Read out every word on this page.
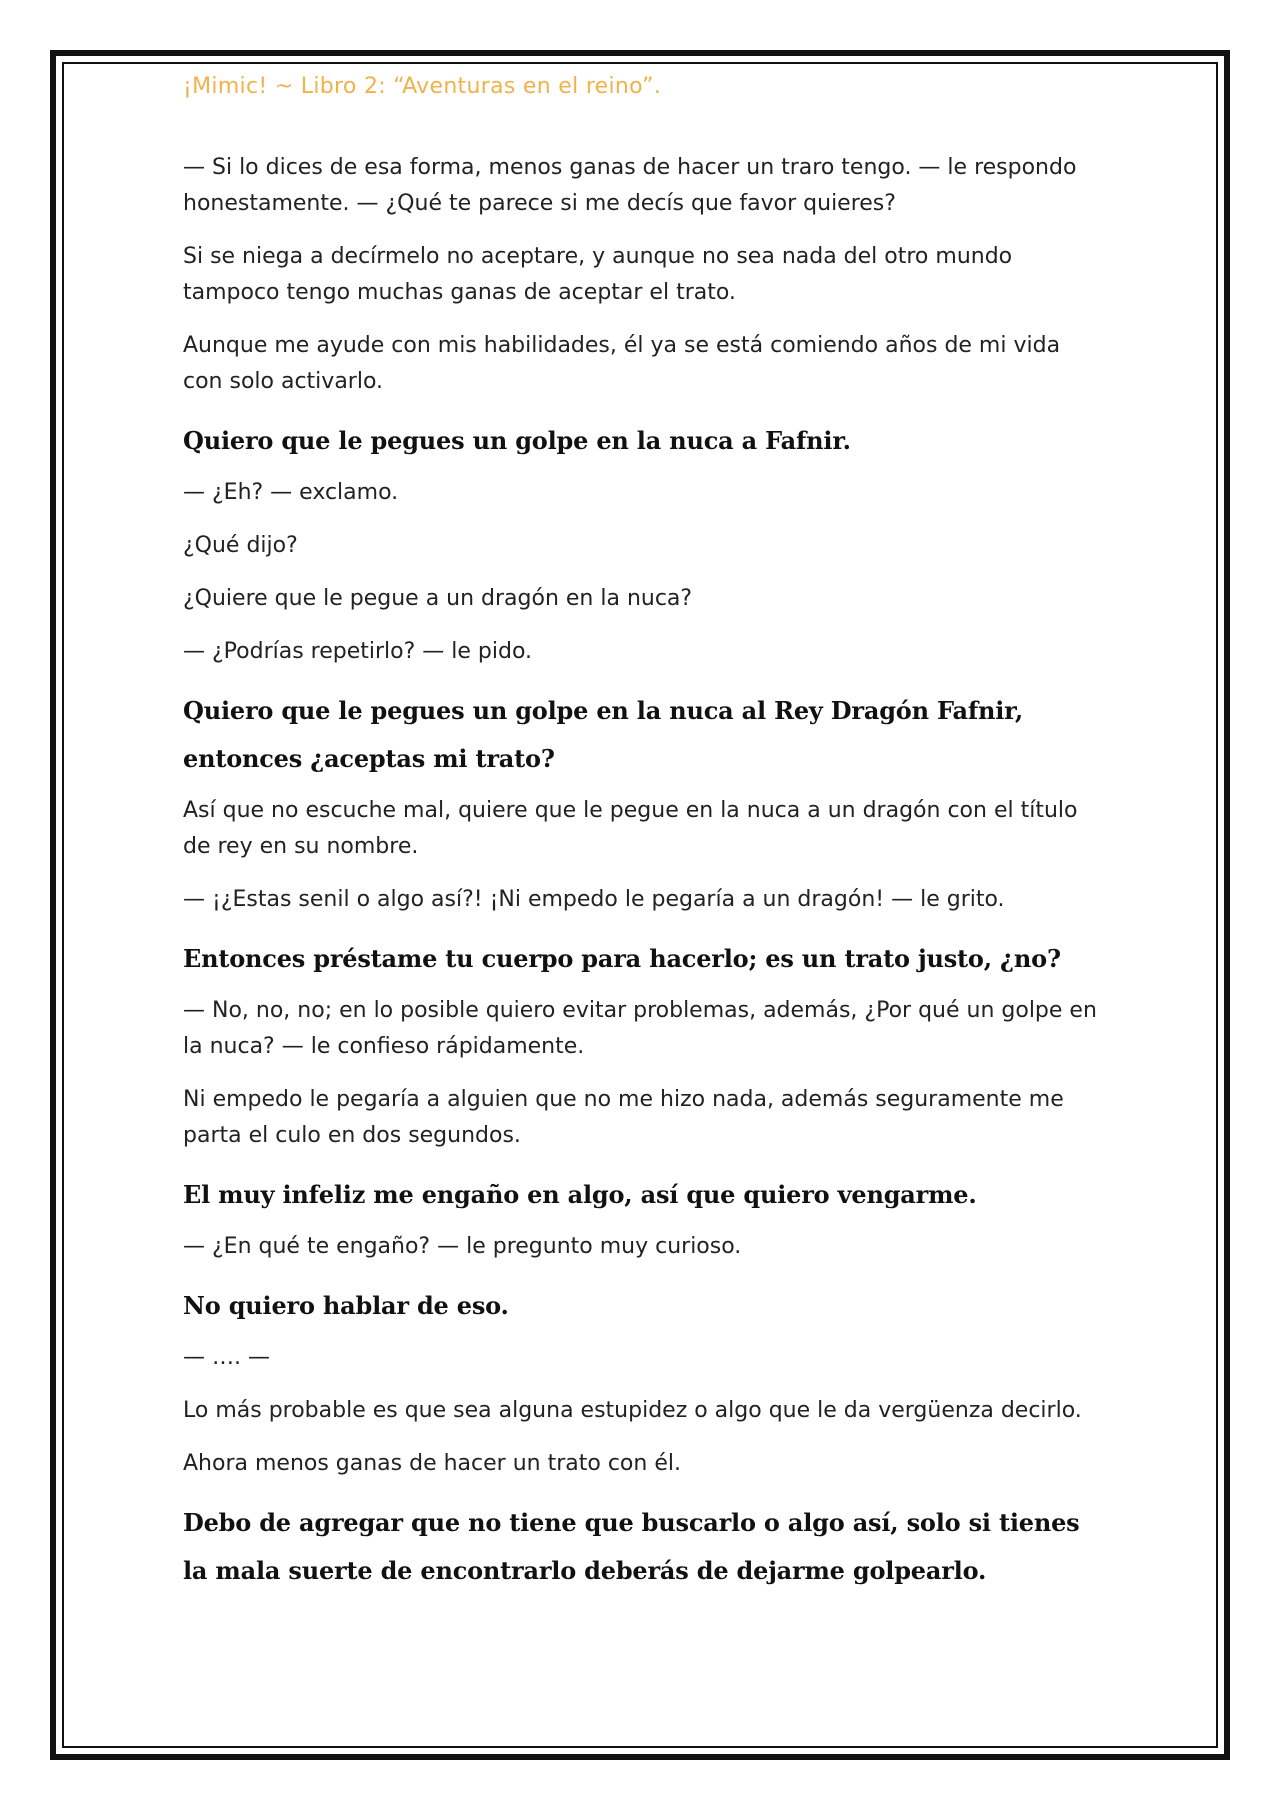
¡Mimic! ~ Libro 2: “Aventuras en el reino”.

— Si lo dices de esa forma, menos ganas de hacer un traro tengo. — le respondo honestamente. — ¿Qué te parece si me decís que favor quieres?

Si se niega a decírmelo no aceptare, y aunque no sea nada del otro mundo tampoco tengo muchas ganas de aceptar el trato.

Aunque me ayude con mis habilidades, él ya se está comiendo años de mi vida con solo activarlo.

Quiero que le pegues un golpe en la nuca a Fafnir.

— ¿Eh? — exclamo.

¿Qué dijo?

¿Quiere que le pegue a un dragón en la nuca?

— ¿Podrías repetirlo? — le pido.

Quiero que le pegues un golpe en la nuca al Rey Dragón Fafnir, entonces ¿aceptas mi trato?

Así que no escuche mal, quiere que le pegue en la nuca a un dragón con el título de rey en su nombre.

— ¡¿Estas senil o algo así?! ¡Ni empedo le pegaría a un dragón! — le grito.

Entonces préstame tu cuerpo para hacerlo; es un trato justo, ¿no?

— No, no, no; en lo posible quiero evitar problemas, además, ¿Por qué un golpe en la nuca? — le confieso rápidamente.

Ni empedo le pegaría a alguien que no me hizo nada, además seguramente me parta el culo en dos segundos.

El muy infeliz me engaño en algo, así que quiero vengarme.

— ¿En qué te engaño? — le pregunto muy curioso.

No quiero hablar de eso.

— …. —

Lo más probable es que sea alguna estupidez o algo que le da vergüenza decirlo.

Ahora menos ganas de hacer un trato con él.

Debo de agregar que no tiene que buscarlo o algo así, solo si tienes la mala suerte de encontrarlo deberás de dejarme golpearlo.
